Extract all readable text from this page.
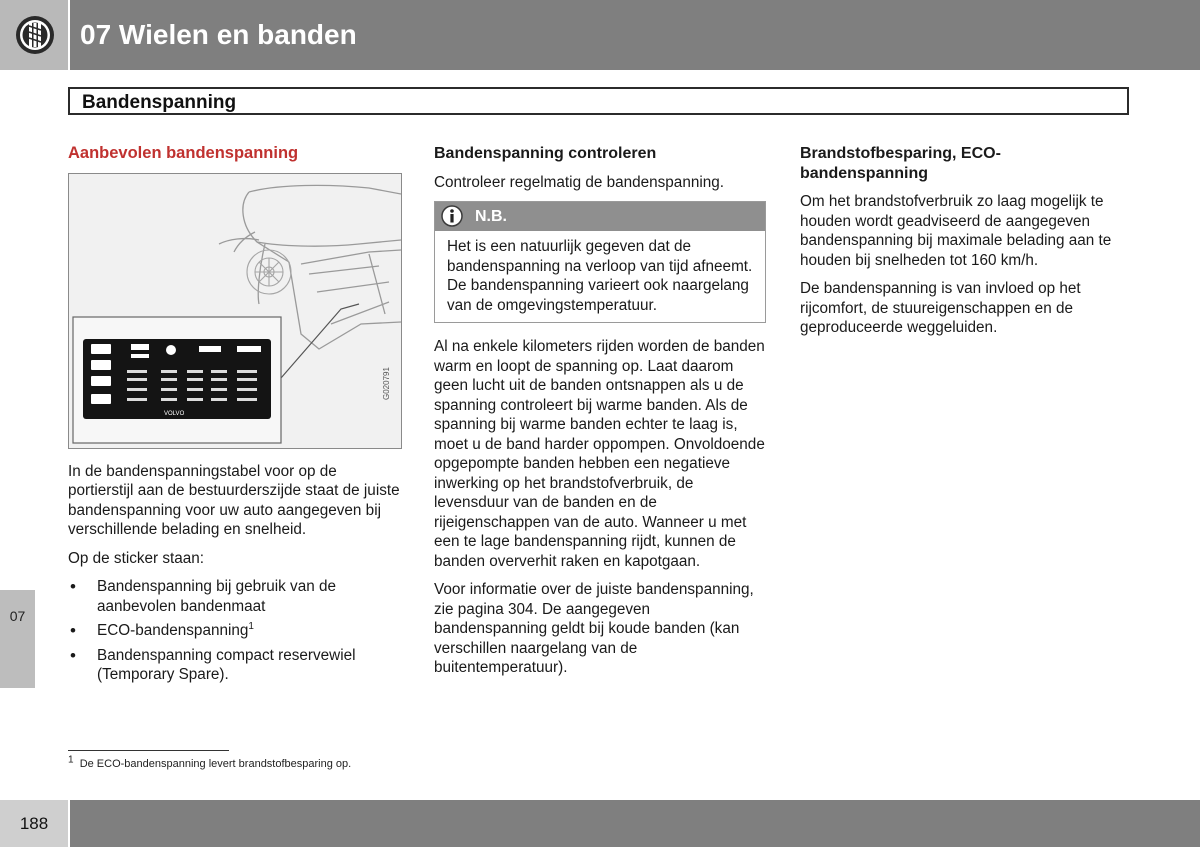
07 Wielen en banden
Bandenspanning

Aanbevolen bandenspanning

VOLVO
G020791

In de bandenspanningstabel voor op de portierstijl aan de bestuurderszijde staat de juiste bandenspanning voor uw auto aangegeven bij verschillende belading en snelheid.

Op de sticker staan:

• Bandenspanning bij gebruik van de aanbevolen bandenmaat
• ECO-bandenspanning$^1$
• Bandenspanning compact reservewiel (Temporary Spare).

Bandenspanning controleren

Controleer regelmatig de bandenspanning.

N.B.
Het is een natuurlijk gegeven dat de bandenspanning na verloop van tijd afneemt. De bandenspanning varieert ook naargelang van de omgevingstemperatuur.

Al na enkele kilometers rijden worden de banden warm en loopt de spanning op. Laat daarom geen lucht uit de banden ontsnappen als u de spanning controleert bij warme banden. Als de spanning bij warme banden echter te laag is, moet u de band harder oppompen. Onvoldoende opgepompte banden hebben een negatieve inwerking op het brandstofverbruik, de levensduur van de banden en de rijeigenschappen van de auto. Wanneer u met een te lage bandenspanning rijdt, kunnen de banden oververhit raken en kapotgaan.

Voor informatie over de juiste bandenspanning, zie pagina 304. De aangegeven bandenspanning geldt bij koude banden (kan verschillen naargelang van de buitentemperatuur).

Brandstofbesparing, ECO-bandenspanning

Om het brandstofverbruik zo laag mogelijk te houden wordt geadviseerd de aangegeven bandenspanning bij maximale belading aan te houden bij snelheden tot 160 km/h.

De bandenspanning is van invloed op het rijcomfort, de stuureigenschappen en de geproduceerde weggeluiden.

07
$^1$ De ECO-bandenspanning levert brandstofbesparing op.
188
